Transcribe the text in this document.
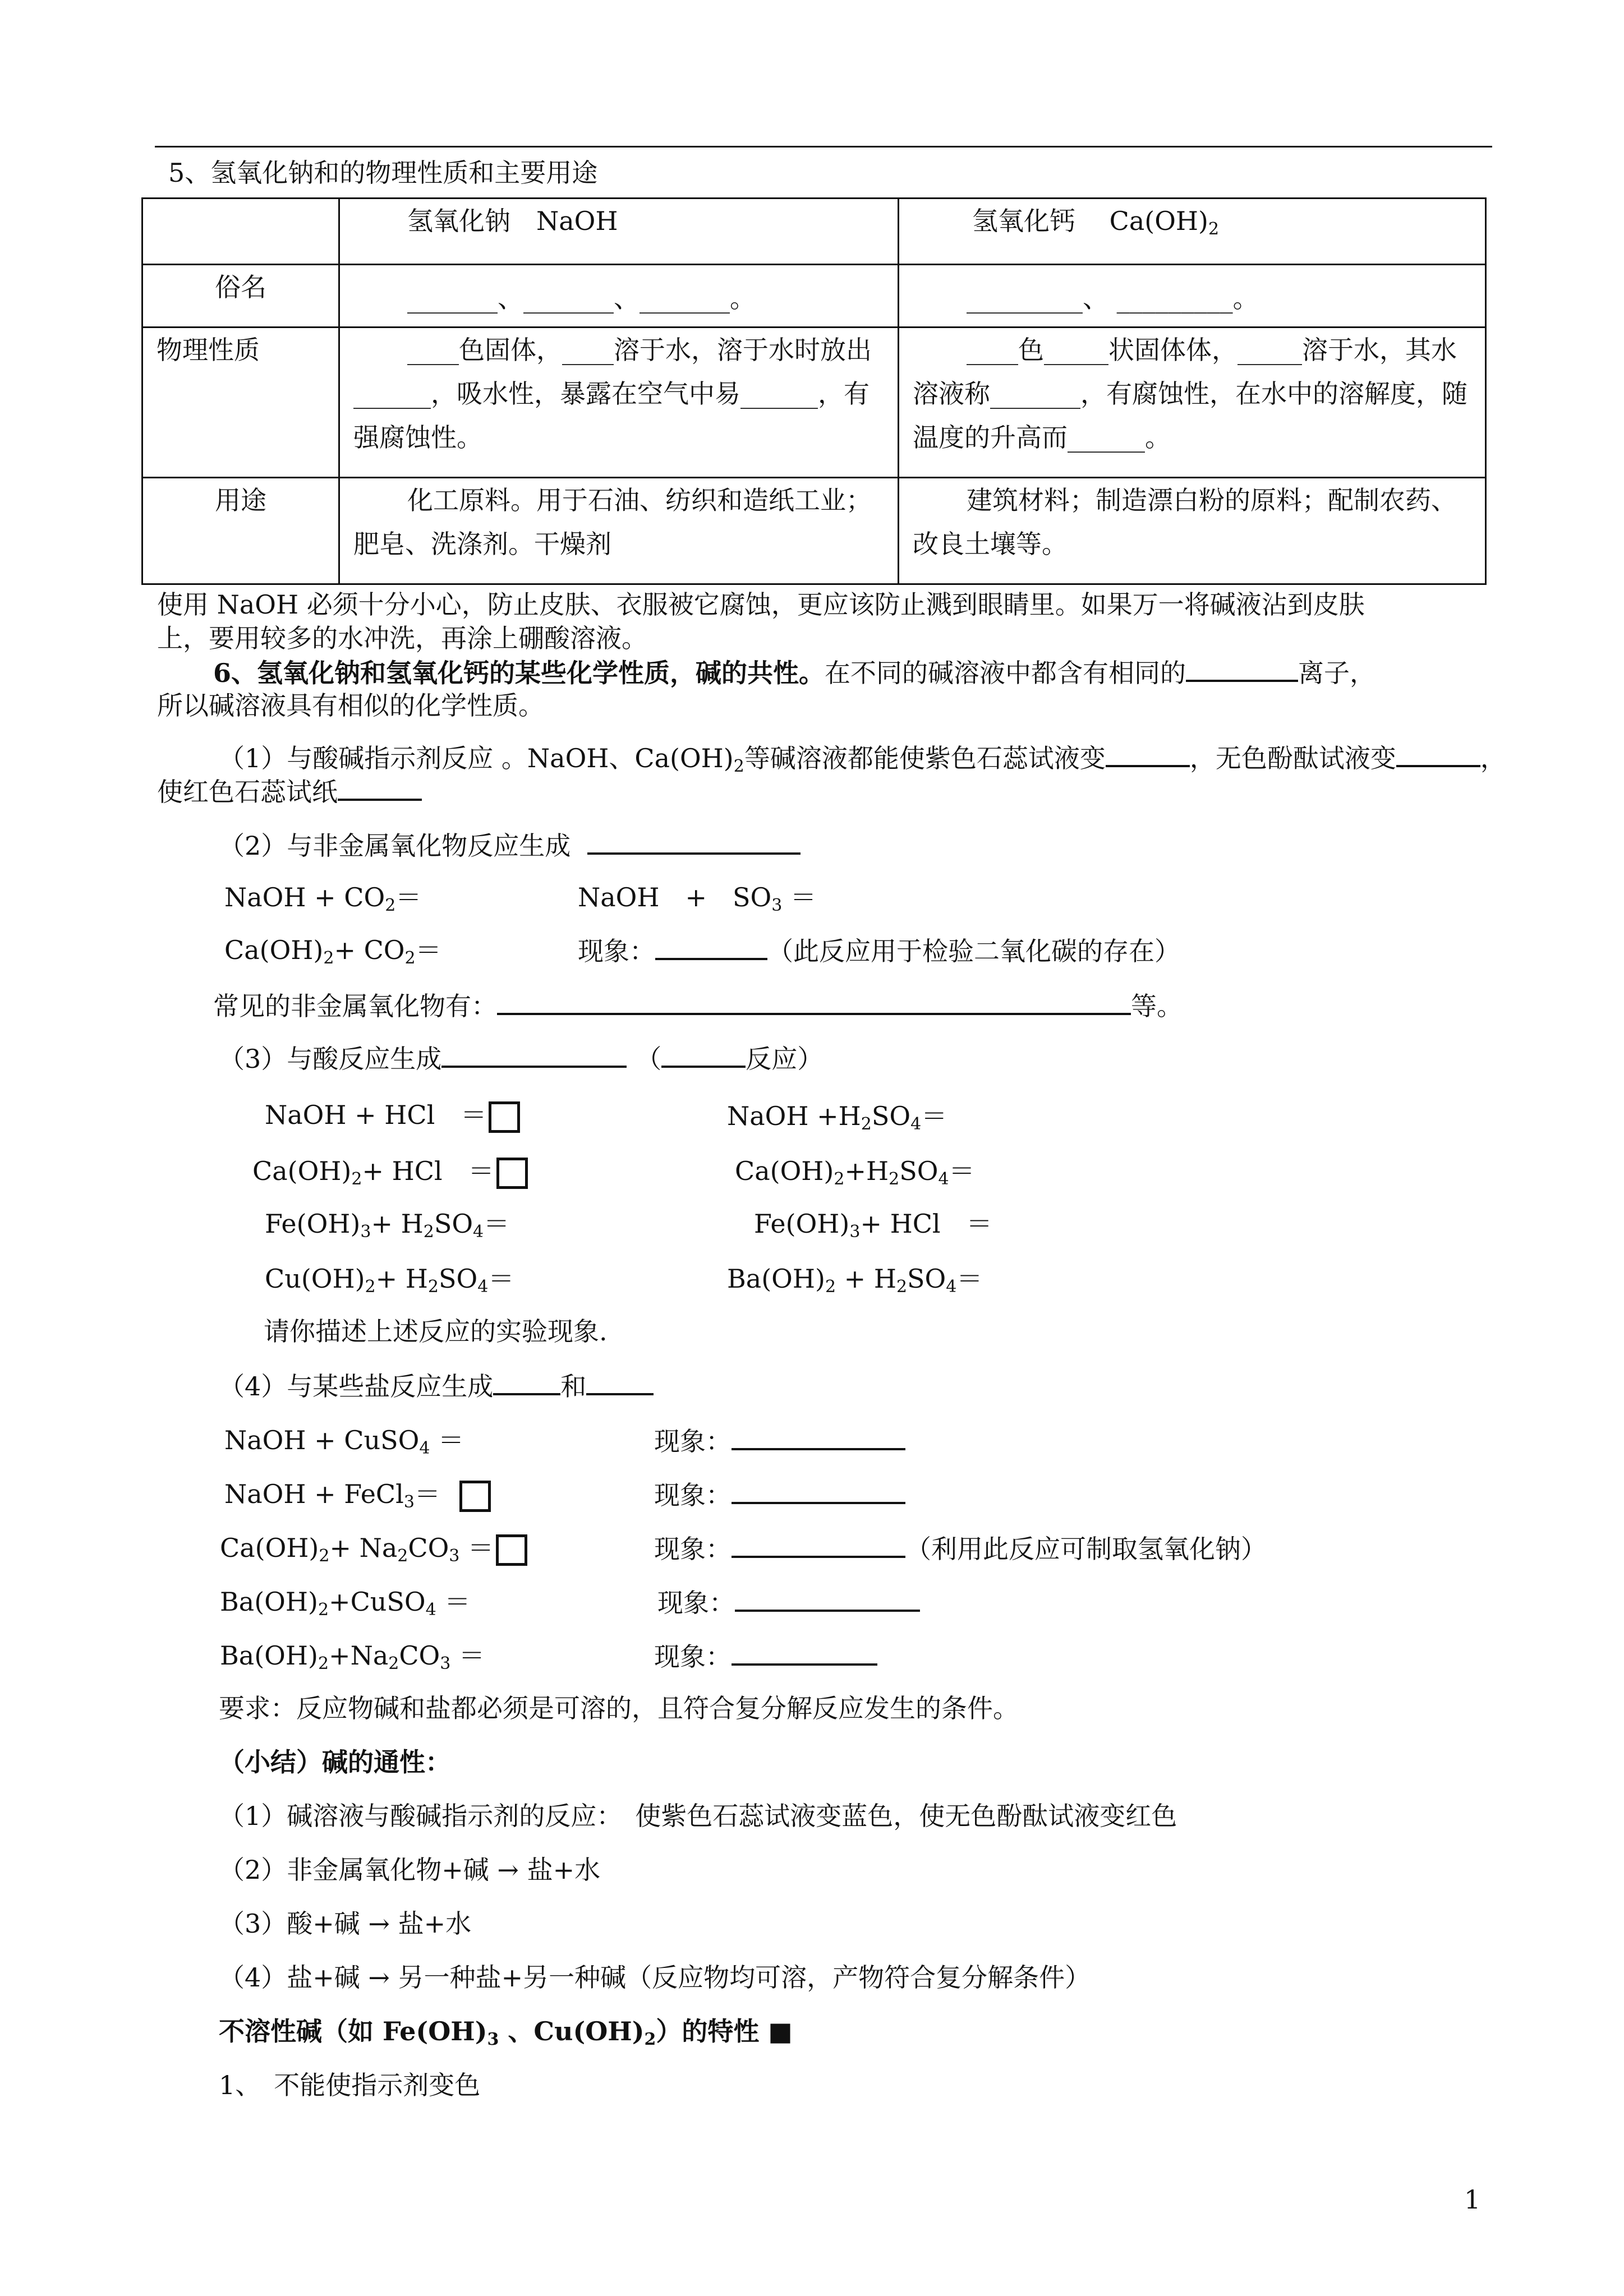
5、氢氧化钠和的物理性质和主要用途
	氢氧化钠　NaOH	氢氧化钙　 $Ca(OH)_2$
俗名	_______、_______、_______。	_________、 _________。
物理性质	____色固体，____溶于水，溶于水时放出______，吸水性，暴露在空气中易______，有强腐蚀性。	____色_____状固体体，_____溶于水，其水溶液称_______，有腐蚀性，在水中的溶解度，随温度的升高而______。
用途	化工原料。用于石油、纺织和造纸工业；肥皂、洗涤剂。干燥剂	建筑材料；制造漂白粉的原料；配制农药、改良土壤等。
使用 NaOH 必须十分小心，防止皮肤、衣服被它腐蚀，更应该防止溅到眼睛里。如果万一将碱液沾到皮肤
上，要用较多的水冲洗，再涂上硼酸溶液。
6、氢氧化钠和氢氧化钙的某些化学性质，碱的共性。在不同的碱溶液中都含有相同的	离子，
所以碱溶液具有相似的化学性质。
（1）与酸碱指示剂反应 。NaOH、$Ca(OH)_2$等碱溶液都能使紫色石蕊试液变	，无色酚酞试液变	，
使红色石蕊试纸
（2）与非金属氧化物反应生成
NaOH + $CO_2=$	NaOH　+　$SO_3$ ＝
$Ca(OH)_2+ CO_2=$	现象：	（此反应用于检验二氧化碳的存在）
常见的非金属氧化物有：	等。
（3）与酸反应生成	（	反应）
NaOH + HCl　＝
$Ca(OH)_2+$ HCl　＝
$Fe(OH)_3+ H_2SO_4=$
$Cu(OH)_2+ H_2SO_4=$
NaOH $+H_2SO_4=$
$Ca(OH)_2+H_2SO_4=$
$Fe(OH)_3+$ HCl　＝
$Ba(OH)_2 + H_2SO_4=$
请你描述上述反应的实验现象.
（4）与某些盐反应生成	和
NaOH + CuSO$_4$ ＝	现象：
NaOH + FeCl$_3$＝	现象：
$Ca(OH)_2+ Na_2CO_3$ ＝	现象：	（利用此反应可制取氢氧化钠）
$Ba(OH)_2+CuSO_4$ ＝	现象：
$Ba(OH)_2+Na_2CO_3$ ＝	现象：
要求：反应物碱和盐都必须是可溶的，且符合复分解反应发生的条件。
（小结）碱的通性：
（1）碱溶液与酸碱指示剂的反应：　使紫色石蕊试液变蓝色，使无色酚酞试液变红色
（2）非金属氧化物+碱 → 盐+水
（3）酸+碱 → 盐+水
（4）盐+碱 → 另一种盐+另一种碱（反应物均可溶，产物符合复分解条件）
不溶性碱（如 $Fe(OH)_3$ 、$Cu(OH)_2$）的特性 ■
1、　不能使指示剂变色
1
